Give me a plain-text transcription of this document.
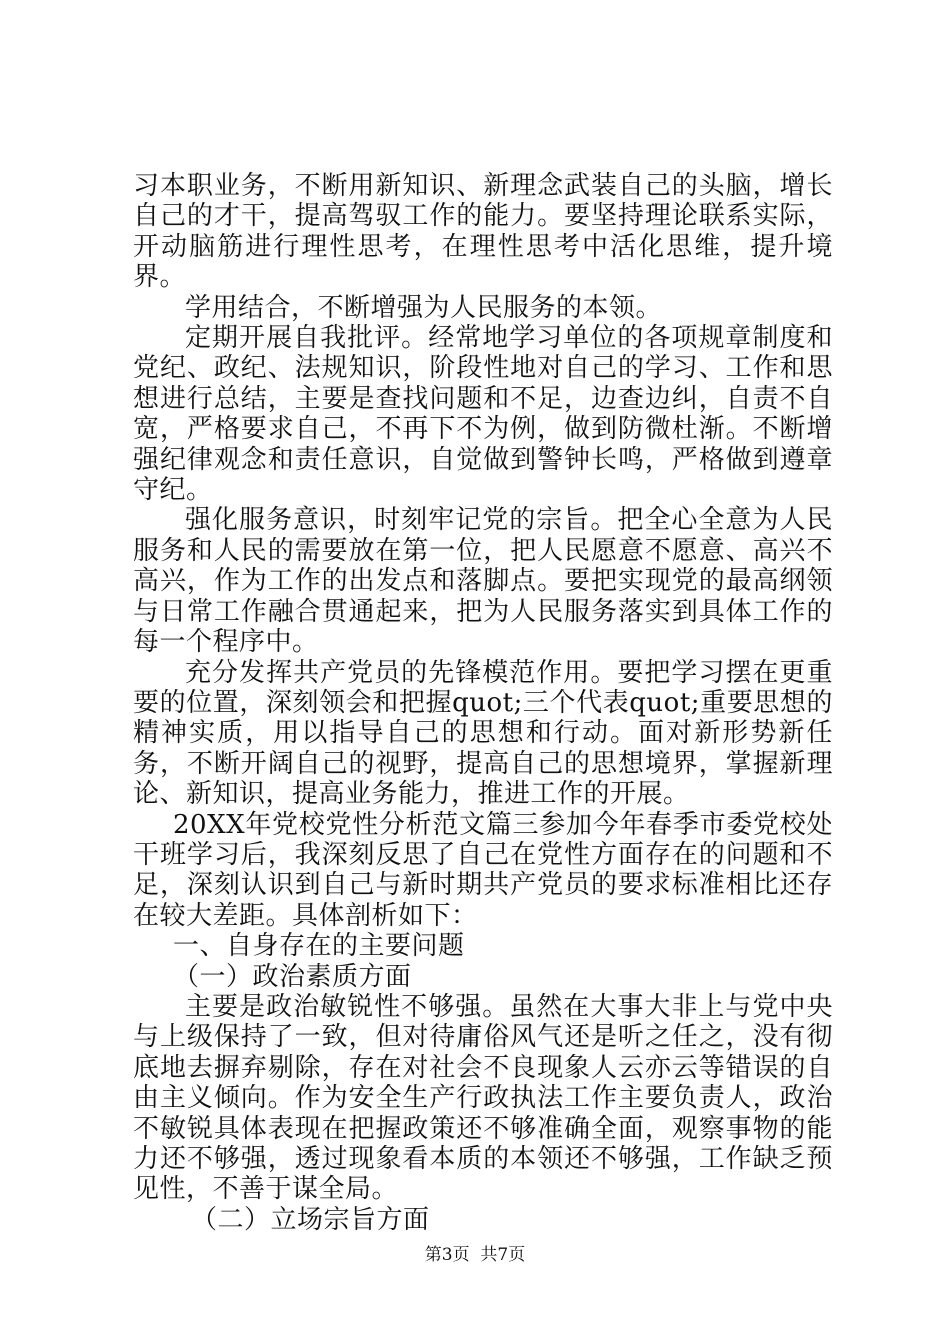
习本职业务，不断用新知识、新理念武装自己的头脑，增长自己的才干，提高驾驭工作的能力。要坚持理论联系实际，开动脑筋进行理性思考，在理性思考中活化思维，提升境界。

学用结合，不断增强为人民服务的本领。

定期开展自我批评。经常地学习单位的各项规章制度和党纪、政纪、法规知识，阶段性地对自己的学习、工作和思想进行总结，主要是查找问题和不足，边查边纠，自责不自宽，严格要求自己，不再下不为例，做到防微杜渐。不断增强纪律观念和责任意识，自觉做到警钟长鸣，严格做到遵章守纪。

强化服务意识，时刻牢记党的宗旨。把全心全意为人民服务和人民的需要放在第一位，把人民愿意不愿意、高兴不高兴，作为工作的出发点和落脚点。要把实现党的最高纲领与日常工作融合贯通起来，把为人民服务落实到具体工作的每一个程序中。

充分发挥共产党员的先锋模范作用。要把学习摆在更重要的位置，深刻领会和把握quot;三个代表quot;重要思想的精神实质，用以指导自己的思想和行动。面对新形势新任务，不断开阔自己的视野，提高自己的思想境界，掌握新理论、新知识，提高业务能力，推进工作的开展。

20XX年党校党性分析范文篇三参加今年春季市委党校处干班学习后，我深刻反思了自己在党性方面存在的问题和不足，深刻认识到自己与新时期共产党员的要求标准相比还存在较大差距。具体剖析如下：

一、自身存在的主要问题

（一）政治素质方面

主要是政治敏锐性不够强。虽然在大事大非上与党中央与上级保持了一致，但对待庸俗风气还是听之任之，没有彻底地去摒弃剔除，存在对社会不良现象人云亦云等错误的自由主义倾向。作为安全生产行政执法工作主要负责人，政治不敏锐具体表现在把握政策还不够准确全面，观察事物的能力还不够强，透过现象看本质的本领还不够强，工作缺乏预见性，不善于谋全局。

（二）立场宗旨方面

第3页  共7页
